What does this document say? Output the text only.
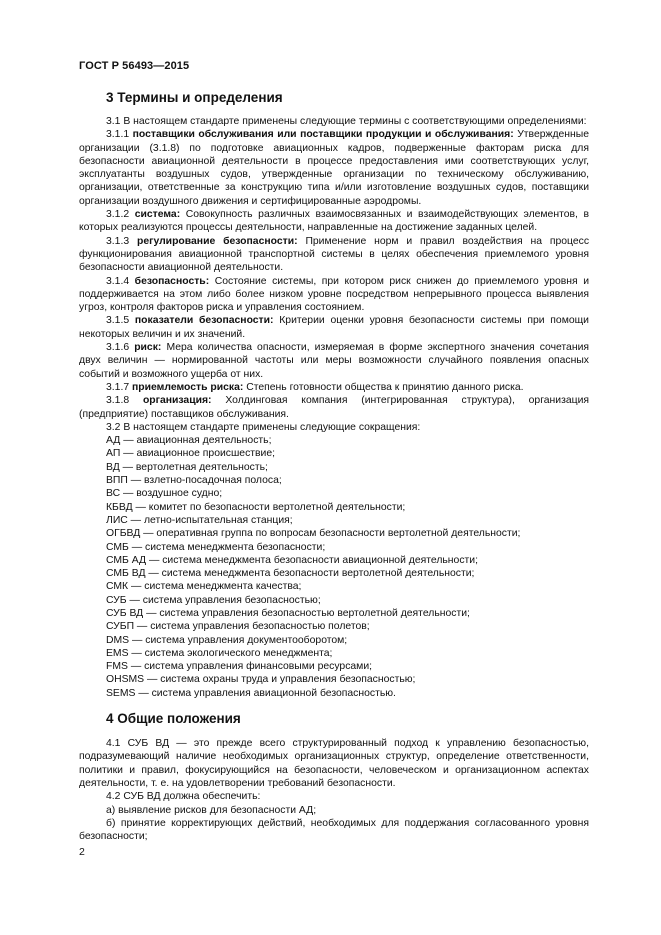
ГОСТ Р 56493—2015
3 Термины и определения

3.1 В настоящем стандарте применены следующие термины с соответствующими определениями:

3.1.1 поставщики обслуживания или поставщики продукции и обслуживания: Утвержденные организации (3.1.8) по подготовке авиационных кадров, подверженные факторам риска для безопасности авиационной деятельности в процессе предоставления ими соответствующих услуг, эксплуатанты воздушных судов, утвержденные организации по техническому обслуживанию, организации, ответственные за конструкцию типа и/или изготовление воздушных судов, поставщики организации воздушного движения и сертифицированные аэродромы.

3.1.2 система: Совокупность различных взаимосвязанных и взаимодействующих элементов, в которых реализуются процессы деятельности, направленные на достижение заданных целей.

3.1.3 регулирование безопасности: Применение норм и правил воздействия на процесс функционирования авиационной транспортной системы в целях обеспечения приемлемого уровня безопасности авиационной деятельности.

3.1.4 безопасность: Состояние системы, при котором риск снижен до приемлемого уровня и поддерживается на этом либо более низком уровне посредством непрерывного процесса выявления угроз, контроля факторов риска и управления состоянием.

3.1.5 показатели безопасности: Критерии оценки уровня безопасности системы при помощи некоторых величин и их значений.

3.1.6 риск: Мера количества опасности, измеряемая в форме экспертного значения сочетания двух величин — нормированной частоты или меры возможности случайного появления опасных событий и возможного ущерба от них.

3.1.7 приемлемость риска: Степень готовности общества к принятию данного риска.

3.1.8 организация: Холдинговая компания (интегрированная структура), организация (предприятие) поставщиков обслуживания.

3.2 В настоящем стандарте применены следующие сокращения:

АД — авиационная деятельность;

АП — авиационное происшествие;

ВД — вертолетная деятельность;

ВПП — взлетно-посадочная полоса;

ВС — воздушное судно;

КБВД — комитет по безопасности вертолетной деятельности;

ЛИС — летно-испытательная станция;

ОГБВД — оперативная группа по вопросам безопасности вертолетной деятельности;

СМБ — система менеджмента безопасности;

СМБ АД — система менеджмента безопасности авиационной деятельности;

СМБ ВД — система менеджмента безопасности вертолетной деятельности;

СМК — система менеджмента качества;

СУБ — система управления безопасностью;

СУБ ВД — система управления безопасностью вертолетной деятельности;

СУБП — система управления безопасностью полетов;

DMS — система управления документооборотом;

EMS — система экологического менеджмента;

FMS — система управления финансовыми ресурсами;

OHSMS — система охраны труда и управления безопасностью;

SEMS — система управления авиационной безопасностью.

4 Общие положения

4.1 СУБ ВД — это прежде всего структурированный подход к управлению безопасностью, подразумевающий наличие необходимых организационных структур, определение ответственности, политики и правил, фокусирующийся на безопасности, человеческом и организационном аспектах деятельности, т. е. на удовлетворении требований безопасности.

4.2 СУБ ВД должна обеспечить:

а) выявление рисков для безопасности АД;

б) принятие корректирующих действий, необходимых для поддержания согласованного уровня безопасности;

2
